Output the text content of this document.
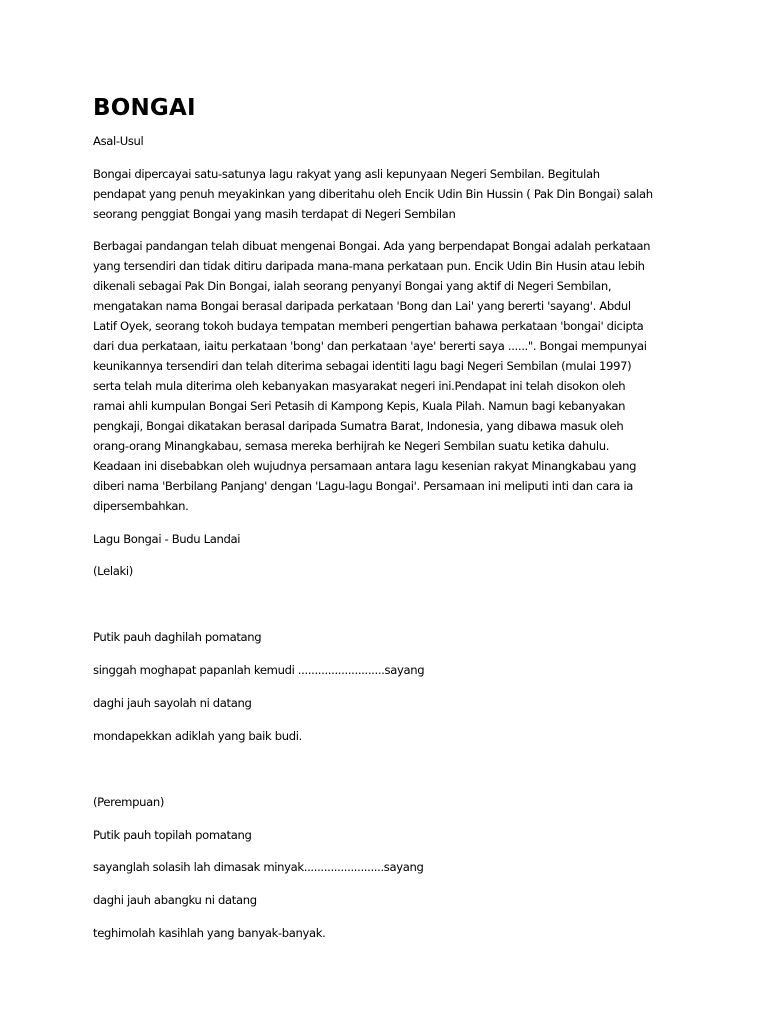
BONGAI
Asal-Usul
Bongai dipercayai satu-satunya lagu rakyat yang asli kepunyaan Negeri Sembilan. Begitulah
pendapat yang penuh meyakinkan yang diberitahu oleh Encik Udin Bin Hussin ( Pak Din Bongai) salah
seorang penggiat Bongai yang masih terdapat di Negeri Sembilan
Berbagai pandangan telah dibuat mengenai Bongai. Ada yang berpendapat Bongai adalah perkataan
yang tersendiri dan tidak ditiru daripada mana-mana perkataan pun. Encik Udin Bin Husin atau lebih
dikenali sebagai Pak Din Bongai, ialah seorang penyanyi Bongai yang aktif di Negeri Sembilan,
mengatakan nama Bongai berasal daripada perkataan 'Bong dan Lai' yang bererti 'sayang'. Abdul
Latif Oyek, seorang tokoh budaya tempatan memberi pengertian bahawa perkataan 'bongai' dicipta
dari dua perkataan, iaitu perkataan 'bong' dan perkataan 'aye' bererti saya ......". Bongai mempunyai
keunikannya tersendiri dan telah diterima sebagai identiti lagu bagi Negeri Sembilan (mulai 1997)
serta telah mula diterima oleh kebanyakan masyarakat negeri ini.Pendapat ini telah disokon oleh
ramai ahli kumpulan Bongai Seri Petasih di Kampong Kepis, Kuala Pilah. Namun bagi kebanyakan
pengkaji, Bongai dikatakan berasal daripada Sumatra Barat, Indonesia, yang dibawa masuk oleh
orang-orang Minangkabau, semasa mereka berhijrah ke Negeri Sembilan suatu ketika dahulu.
Keadaan ini disebabkan oleh wujudnya persamaan antara lagu kesenian rakyat Minangkabau yang
diberi nama 'Berbilang Panjang' dengan 'Lagu-lagu Bongai'. Persamaan ini meliputi inti dan cara ia
dipersembahkan.
Lagu Bongai - Budu Landai
(Lelaki)
Putik pauh daghilah pomatang
singgah moghapat papanlah kemudi ..........................sayang
daghi jauh sayolah ni datang
mondapekkan adiklah yang baik budi.
(Perempuan)
Putik pauh topilah pomatang
sayanglah solasih lah dimasak minyak........................sayang
daghi jauh abangku ni datang
teghimolah kasihlah yang banyak-banyak.
